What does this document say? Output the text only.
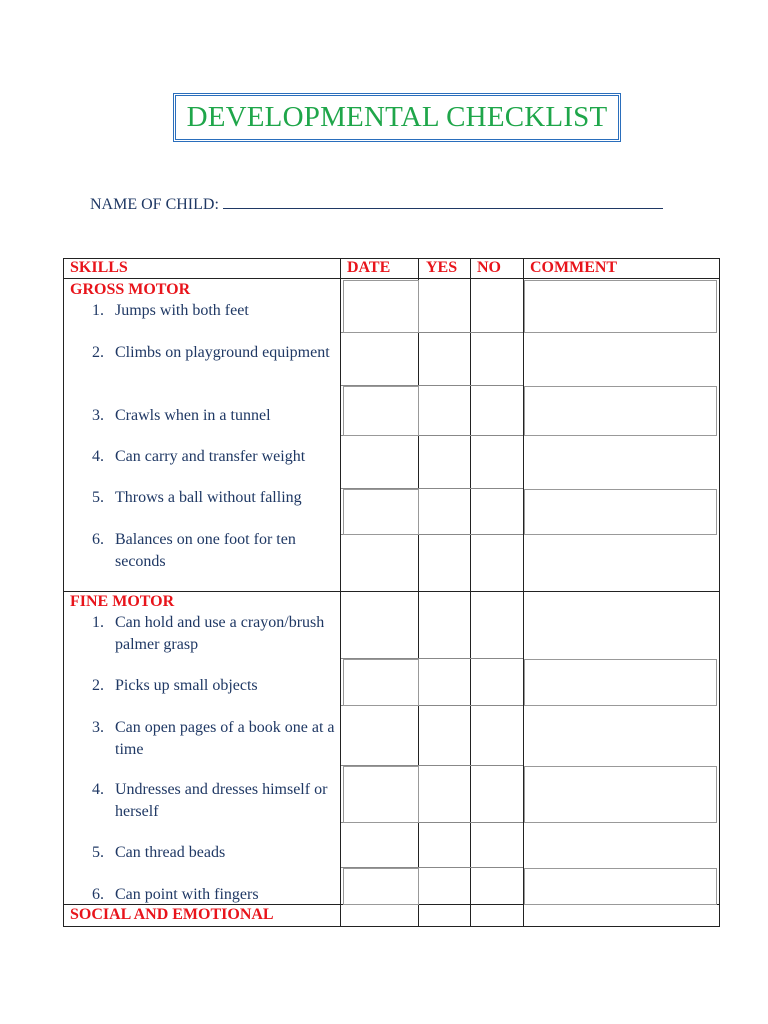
DEVELOPMENTAL CHECKLIST
NAME OF CHILD:
SKILLS	DATE YES NO COMMENT
GROSS MOTOR
1. Jumps with both feet
2. Climbs on playground equipment
3. Crawls when in a tunnel
4. Can carry and transfer weight
5. Throws a ball without falling
6. Balances on one foot for ten seconds
FINE MOTOR
1. Can hold and use a crayon/brush palmer grasp
2. Picks up small objects
3. Can open pages of a book one at a time
4. Undresses and dresses himself or herself
5. Can thread beads
6. Can point with fingers
SOCIAL AND EMOTIONAL
